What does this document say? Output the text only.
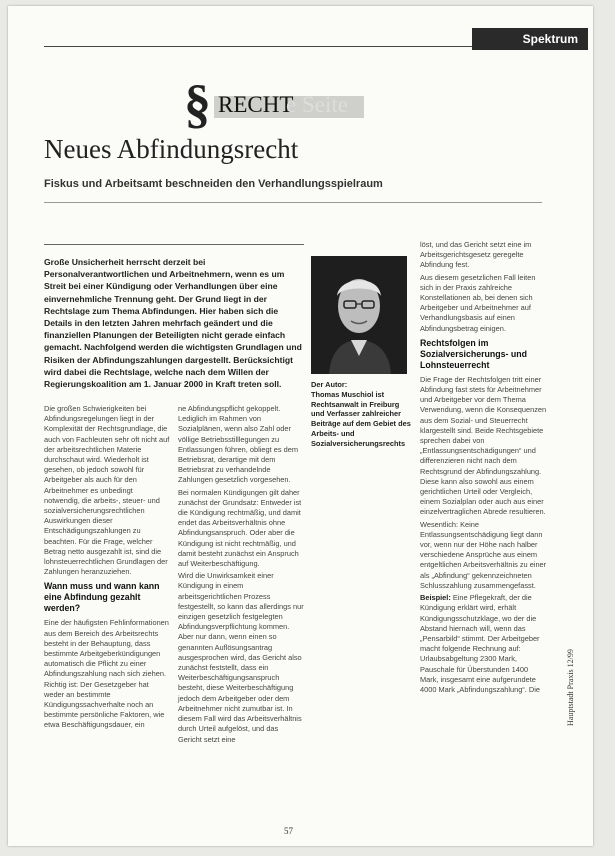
Spektrum
§ RECHT
e Seite
Neues Abfindungsrecht
Fiskus und Arbeitsamt beschneiden den Verhandlungsspielraum
Große Unsicherheit herrscht derzeit bei Personalverantwortlichen und Arbeitnehmern, wenn es um Streit bei einer Kündigung oder Verhandlungen über eine einvernehmliche Trennung geht. Der Grund liegt in der Rechtslage zum Thema Abfindungen. Hier haben sich die Details in den letzten Jahren mehrfach geändert und die finanziellen Planungen der Beteiligten nicht gerade einfach gemacht. Nachfolgend werden die wichtigsten Grundlagen und Risiken der Abfindungszahlungen dargestellt. Berücksichtigt wird dabei die Rechtslage, welche nach dem Willen der Regierungskoalition am 1. Januar 2000 in Kraft treten soll.	Der Autor:
Thomas Muschiol ist Rechtsanwalt in Freiburg und Verfasser zahlreicher Beiträge auf dem Gebiet des Arbeits- und Sozialversicherungsrechts

Die großen Schwierigkeiten bei Abfindungsregelungen liegt in der Komplexität der Rechtsgrundlage, die auch von Fachleuten sehr oft nicht auf der arbeitsrechtlichen Materie durchschaut wird. Wiederholt ist gesehen, ob jedoch sowohl für Arbeitgeber als auch für den Arbeitnehmer es unbedingt notwendig, die arbeits-, steuer- und sozialversicherungsrechtlichen Auswirkungen dieser Entschädigungszahlungen zu beachten. Für die Frage, welcher Betrag netto ausgezahlt ist, sind die lohnsteuerrechtlichen Grundlagen der Zahlungen heranzuziehen.

Wann muss und wann kann eine Abfindung gezahlt werden?

Eine der häufigsten Fehlinformationen aus dem Bereich des Arbeitsrechts besteht in der Behauptung, dass bestimmte Arbeitgeberkündigungen automatisch die Pflicht zu einer Abfindungszahlung nach sich ziehen. Richtig ist: Der Gesetzgeber hat weder an bestimmte Kündigungssachverhalte noch an bestimmte persönliche Faktoren, wie etwa Beschäftigungsdauer, ein

ne Abfindungspflicht gekoppelt. Lediglich im Rahmen von Sozialplänen, wenn also Zahl oder völlige Betriebsstilllegungen zu Entlassungen führen, obliegt es dem Betriebsrat, derartige mit dem Betriebsrat zu verhandelnde Zahlungen gesetzlich vorgesehen.

Bei normalen Kündigungen gilt daher zunächst der Grundsatz: Entweder ist die Kündigung rechtmäßig, und damit endet das Arbeitsverhältnis ohne Abfindungsanspruch. Oder aber die Kündigung ist nicht rechtmäßig, und damit besteht zunächst ein Anspruch auf Weiterbeschäftigung.

Wird die Unwirksamkeit einer Kündigung in einem arbeitsgerichtlichen Prozess festgestellt, so kann das allerdings nur einzigen gesetzlich festgelegten Abfindungsverpflichtung kommen. Aber nur dann, wenn einen so genannten Auflösungsantrag ausgesprochen wird, das Gericht also zunächst feststellt, dass ein Weiterbeschäftigungsanspruch besteht, diese Weiterbeschäftigung jedoch dem Arbeitgeber oder dem Arbeitnehmer nicht zumutbar ist. In diesem Fall wird das Arbeitsverhältnis durch Urteil aufgelöst, und das Gericht setzt eine

löst, und das Gericht setzt eine im Arbeitsgerichtsgesetz geregelte Abfindung fest.

Aus diesem gesetzlichen Fall leiten sich in der Praxis zahlreiche Konstellationen ab, bei denen sich Arbeitgeber und Arbeitnehmer auf Verhandlungsbasis auf einen Abfindungsbetrag einigen.

Rechtsfolgen im Sozialversicherungs- und Lohnsteuerrecht

Die Frage der Rechtsfolgen tritt einer Abfindung fast stets für Arbeitnehmer und Arbeitgeber vor dem Thema Verwendung, wenn die Konsequenzen aus dem Sozial- und Steuerrecht klargestellt sind. Beide Rechtsgebiete sprechen dabei von „Entlassungsentschädigungen“ und differenzieren nicht nach dem Rechtsgrund der Abfindungszahlung. Diese kann also sowohl aus einem gerichtlichen Urteil oder Vergleich, einem Sozialplan oder auch aus einer einzelvertraglichen Abrede resultieren.

Wesentlich: Keine Entlassungsentschädigung liegt dann vor, wenn nur der Höhe nach halber verschiedene Ansprüche aus einem entgeltlichen Arbeitsverhältnis zu einer als „Abfindung“ gekennzeichneten Schlusszahlung zusammengefasst.

Beispiel: Eine Pflegekraft, der die Kündigung erklärt wird, erhält Kündigungsschutzklage, wo der die Abstand hiernach will, wenn das „Pensarbild“ stimmt. Der Arbeitgeber macht folgende Rechnung auf: Urlaubsabgeltung 2300 Mark, Pauschale für Überstunden 1400 Mark, insgesamt eine aufgerundete 4000 Mark „Abfindungszahlung“. Die	Hauptstadt Praxis 12/99
57
